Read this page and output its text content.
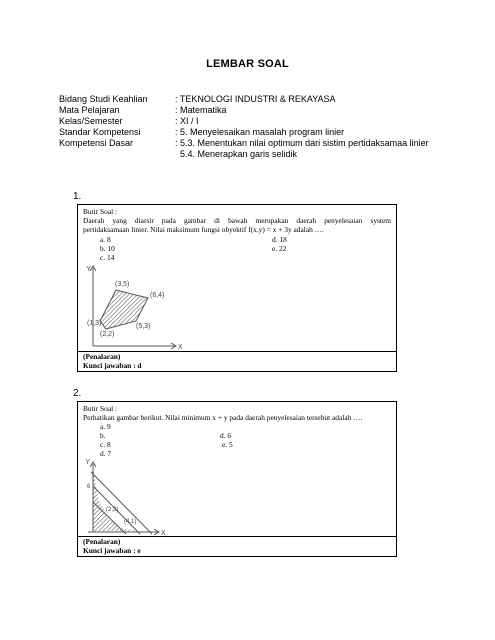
LEMBAR SOAL
Bidang Studi Keahlian	: TEKNOLOGI INDUSTRI & REKAYASA
Mata Pelajaran	: Matematika
Kelas/Semester	: XI / I
Standar Kompetensi	: 5. Menyelesaikan masalah program linier
Kompetensi Dasar	: 5.3. Menentukan nilai optimum dari sistim pertidaksamaa linier
5.4. Menerapkan garis selidik
1.
Butir Soal :
Daerah yang diarsir pada gambar di bawah merupakan daerah penyelesaian system
pertidaksamaan linier. Nilai maksimum fungsi obyektif f(x,y) = x + 3y adalah ….
a. 8
b. 10
c. 14
d. 18
e. 22
Y
X
(3,5)
(6,4)
(1,3)
(2,2)
(5,3)
(Penalaran)
Kunci jawaban : d
2.
Butir Soal :
Perhatikan gambar berikut. Nilai minimum x + y pada daerah penyelesaian tersebut adalah ….
a. 9
b.
c. 8
d. 7
d. 6
e. 5
Y
X
6
(2,3)
(4,1)
(Penalaran)
Kunci jawaban : e
